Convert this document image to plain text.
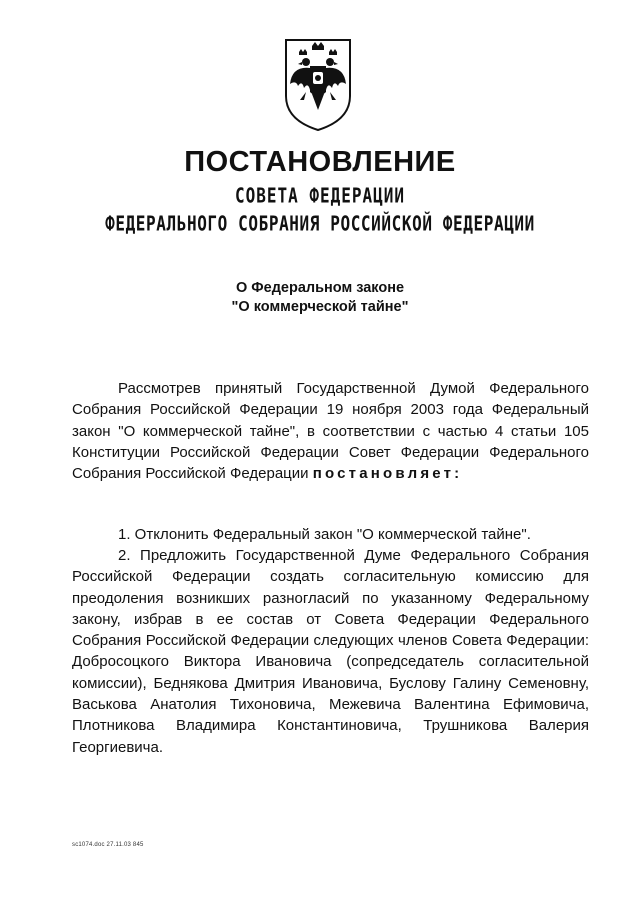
ПОСТАНОВЛЕНИЕ
СОВЕТА ФЕДЕРАЦИИ
ФЕДЕРАЛЬНОГО СОБРАНИЯ РОССИЙСКОЙ ФЕДЕРАЦИИ
О Федеральном законе
"О коммерческой тайне"
Рассмотрев принятый Государственной Думой Федерального Собрания Российской Федерации 19 ноября 2003 года Федеральный закон "О коммерческой тайне", в соответствии с частью 4 статьи 105 Конституции Российской Федерации Совет Федерации Федерального Собрания Российской Федерации постановляет:
1. Отклонить Федеральный закон "О коммерческой тайне".
2. Предложить Государственной Думе Федерального Собрания Российской Федерации создать согласительную комиссию для преодоления возникших разногласий по указанному Федеральному закону, избрав в ее состав от Совета Федерации Федерального Собрания Российской Федерации следующих членов Совета Федерации: Доброcоцкого Виктора Ивановича (сопредседатель согласительной комиссии), Беднякова Дмитрия Ивановича, Буслову Галину Семеновну, Васькова Анатолия Тихоновича, Межевича Валентина Ефимовича, Плотникова Владимира Константиновича, Трушникова Валерия Георгиевича.
sc1074.doc 27.11.03 845
